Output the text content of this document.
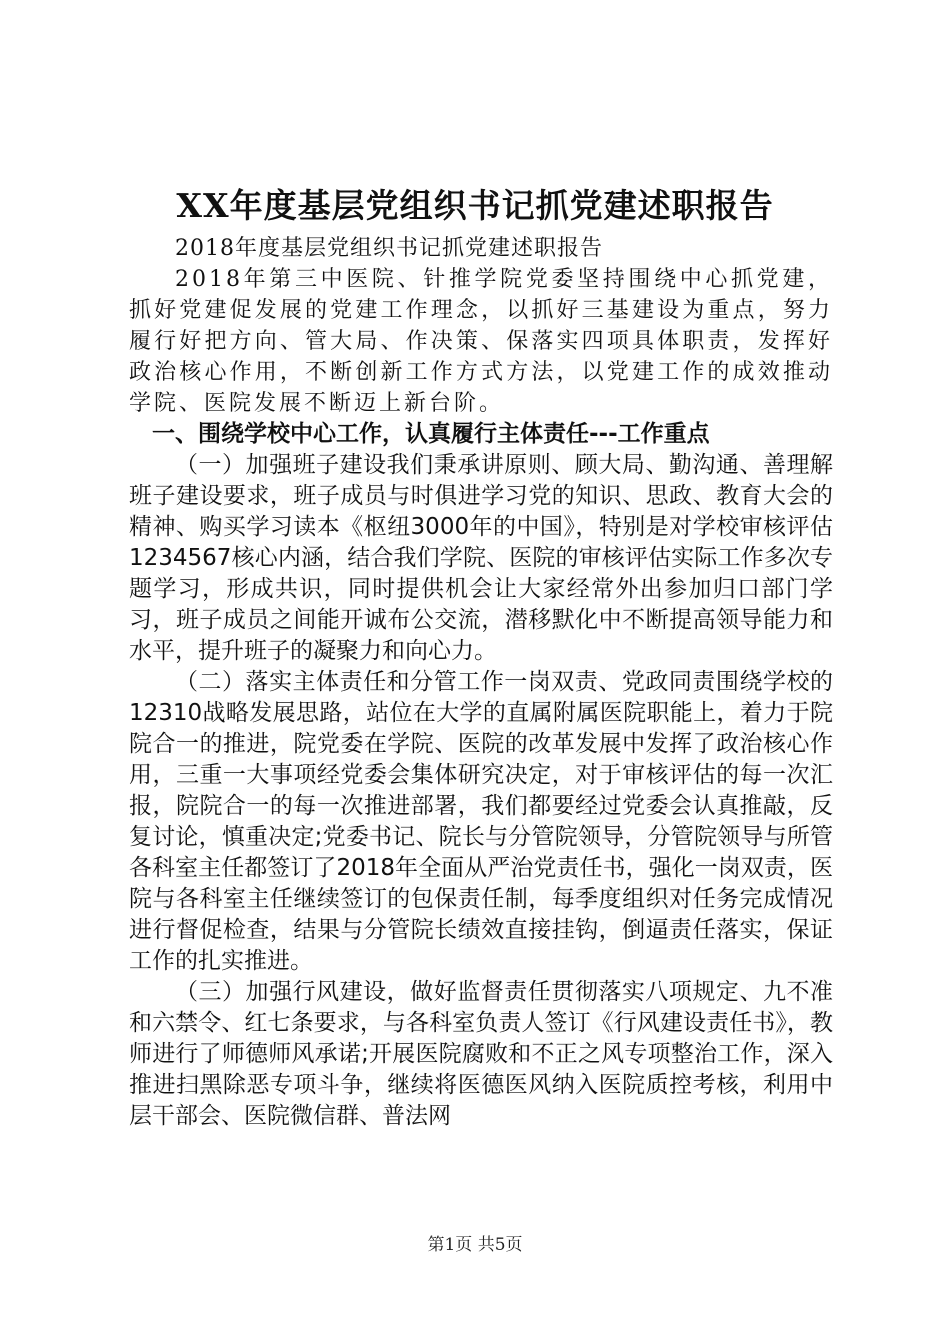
XX年度基层党组织书记抓党建述职报告

2018年度基层党组织书记抓党建述职报告

2018年第三中医院、针推学院党委坚持围绕中心抓党建，抓好党建促发展的党建工作理念，以抓好三基建设为重点，努力履行好把方向、管大局、作决策、保落实四项具体职责，发挥好政治核心作用，不断创新工作方式方法，以党建工作的成效推动学院、医院发展不断迈上新台阶。

一、围绕学校中心工作，认真履行主体责任---工作重点

（一）加强班子建设我们秉承讲原则、顾大局、勤沟通、善理解班子建设要求，班子成员与时俱进学习党的知识、思政、教育大会的精神、购买学习读本《枢纽3000年的中国》，特别是对学校审核评估1234567核心内涵，结合我们学院、医院的审核评估实际工作多次专题学习，形成共识，同时提供机会让大家经常外出参加归口部门学习，班子成员之间能开诚布公交流，潜移默化中不断提高领导能力和水平，提升班子的凝聚力和向心力。

（二）落实主体责任和分管工作一岗双责、党政同责围绕学校的12310战略发展思路，站位在大学的直属附属医院职能上，着力于院院合一的推进，院党委在学院、医院的改革发展中发挥了政治核心作用，三重一大事项经党委会集体研究决定，对于审核评估的每一次汇报，院院合一的每一次推进部署，我们都要经过党委会认真推敲，反复讨论，慎重决定;党委书记、院长与分管院领导，分管院领导与所管各科室主任都签订了2018年全面从严治党责任书，强化一岗双责，医院与各科室主任继续签订的包保责任制，每季度组织对任务完成情况进行督促检查，结果与分管院长绩效直接挂钩，倒逼责任落实，保证工作的扎实推进。

（三）加强行风建设，做好监督责任贯彻落实八项规定、九不准和六禁令、红七条要求，与各科室负责人签订《行风建设责任书》，教师进行了师德师风承诺;开展医院腐败和不正之风专项整治工作，深入推进扫黑除恶专项斗争，继续将医德医风纳入医院质控考核，利用中层干部会、医院微信群、普法网

第1页 共5页
